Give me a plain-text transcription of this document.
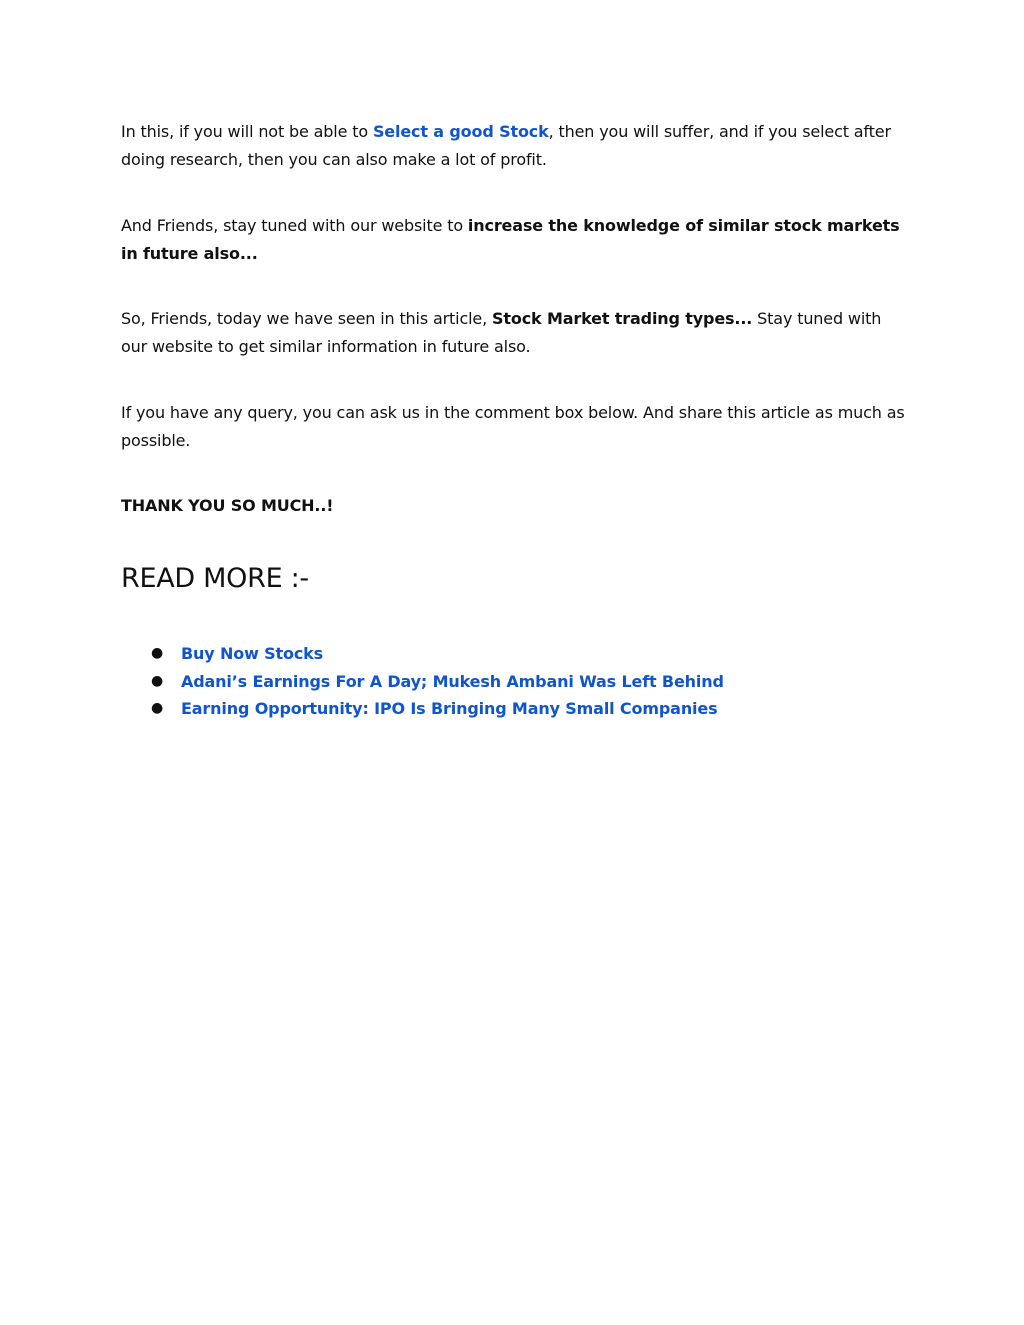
In this, if you will not be able to Select a good Stock, then you will suffer, and if you select after doing research, then you can also make a lot of profit.

And Friends, stay tuned with our website to increase the knowledge of similar stock markets in future also...

So, Friends, today we have seen in this article, Stock Market trading types... Stay tuned with our website to get similar information in future also.

If you have any query, you can ask us in the comment box below. And share this article as much as possible.

THANK YOU SO MUCH..!

READ MORE :-
● Buy Now Stocks
● Adani’s Earnings For A Day; Mukesh Ambani Was Left Behind
● Earning Opportunity: IPO Is Bringing Many Small Companies
